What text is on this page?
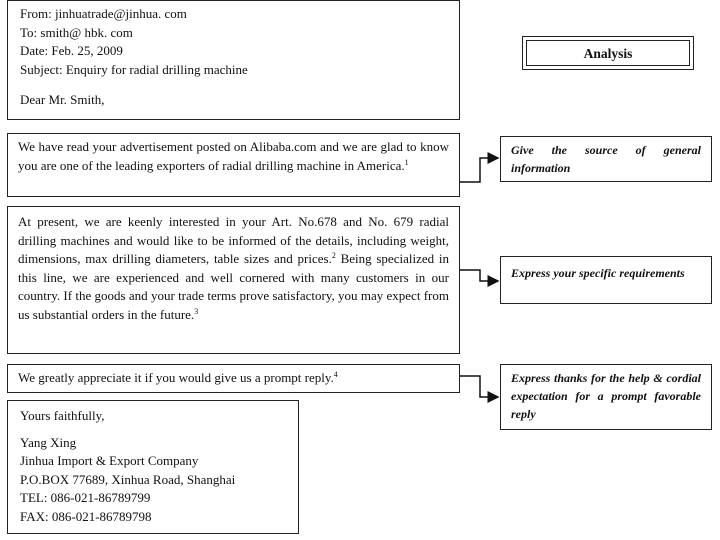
From: jinhuatrade@jinhua. com
To: smith@ hbk. com
Date: Feb. 25, 2009
Subject: Enquiry for radial drilling machine
Dear Mr. Smith,
We have read your advertisement posted on Alibaba.com and we are glad to know you are one of the leading exporters of radial drilling machine in America.$^1$
At present, we are keenly interested in your Art. No.678 and No. 679 radial drilling machines and would like to be informed of the details, including weight, dimensions, max drilling diameters, table sizes and prices.$^2$ Being specialized in this line, we are experienced and well cornered with many customers in our country. If the goods and your trade terms prove satisfactory, you may expect from us substantial orders in the future.$^3$
We greatly appreciate it if you would give us a prompt reply.$^4$
Yours faithfully,
Yang Xing
Jinhua Import & Export Company
P.O.BOX 77689, Xinhua Road, Shanghai
TEL: 086-021-86789799
FAX: 086-021-86789798
Analysis
Give the source of general information
Express your specific requirements
Express thanks for the help & cordial expectation for a prompt favorable reply
